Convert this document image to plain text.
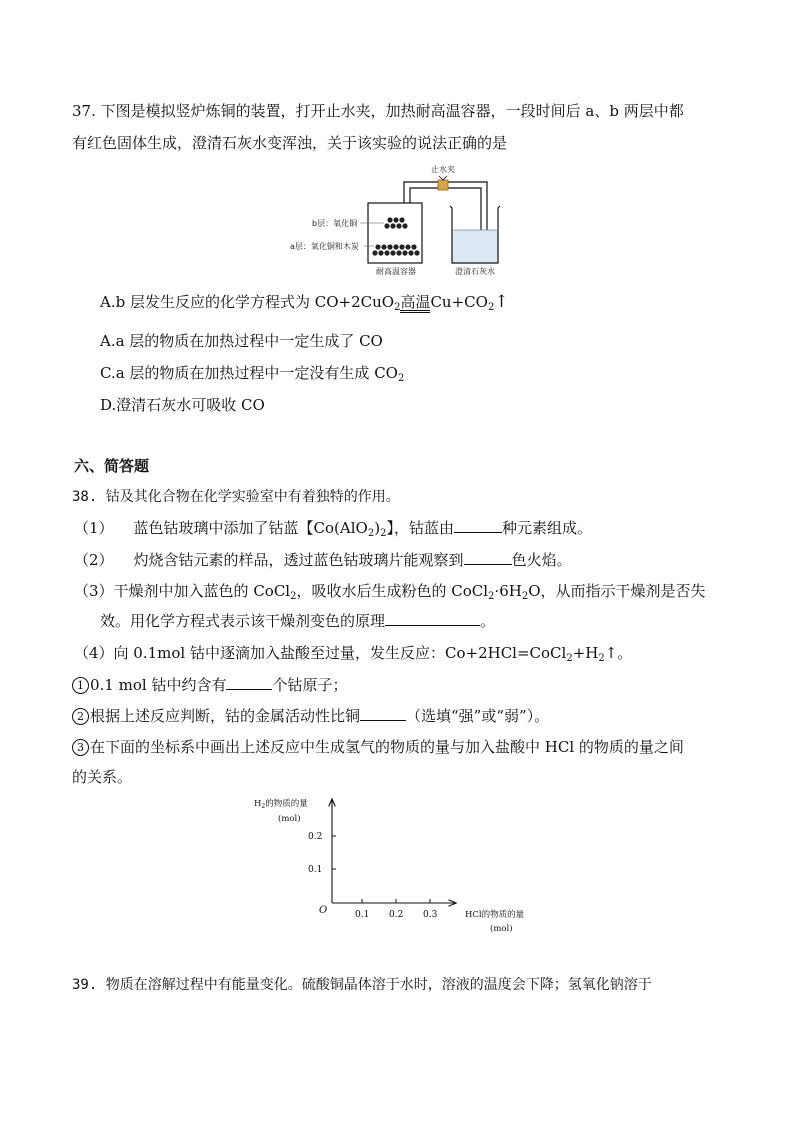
37. 下图是模拟竖炉炼铜的装置，打开止水夹，加热耐高温容器，一段时间后 a、b 两层中都
有红色固体生成，澄清石灰水变浑浊，关于该实验的说法正确的是
止水夹
b层：氧化铜
a层：氧化铜和木炭
耐高温容器	澄清石灰水
A.b 层发生反应的化学方程式为 CO+2CuO$_2$高温$Cu+CO_2↑$
A.a 层的物质在加热过程中一定生成了 CO
C.a 层的物质在加热过程中一定没有生成 $CO_2$
D.澄清石灰水可吸收 CO
六、简答题
38. 钴及其化合物在化学实验室中有着独特的作用。
（1） 蓝色钴玻璃中添加了钴蓝【$Co(AlO_2)_2$】，钴蓝由	种元素组成。
（2） 灼烧含钴元素的样品，透过蓝色钴玻璃片能观察到	色火焰。
（3）干燥剂中加入蓝色的 CoCl$_2$，吸收水后生成粉色的 $CoCl_2\cdot 6H_2O$，从而指示干燥剂是否失
效。用化学方程式表示该干燥剂变色的原理	。
（4）向 0.1mol 钴中逐滴加入盐酸至过量，发生反应：$Co+2HCl=CoCl_2+H_2↑$。
1 0.1 mol 钴中约含有	个钴原子；
2 根据上述反应判断，钴的金属活动性比铜	（选填“强”或“弱”）。
3 在下面的坐标系中画出上述反应中生成氢气的物质的量与加入盐酸中 HCl 的物质的量之间
的关系。
$H_2$的物质的量
(mol)
0.2
0.1
O	0.1 0.2 0.3	HCl的物质的量
(mol)
39. 物质在溶解过程中有能量变化。硫酸铜晶体溶于水时，溶液的温度会下降；氢氧化钠溶于
